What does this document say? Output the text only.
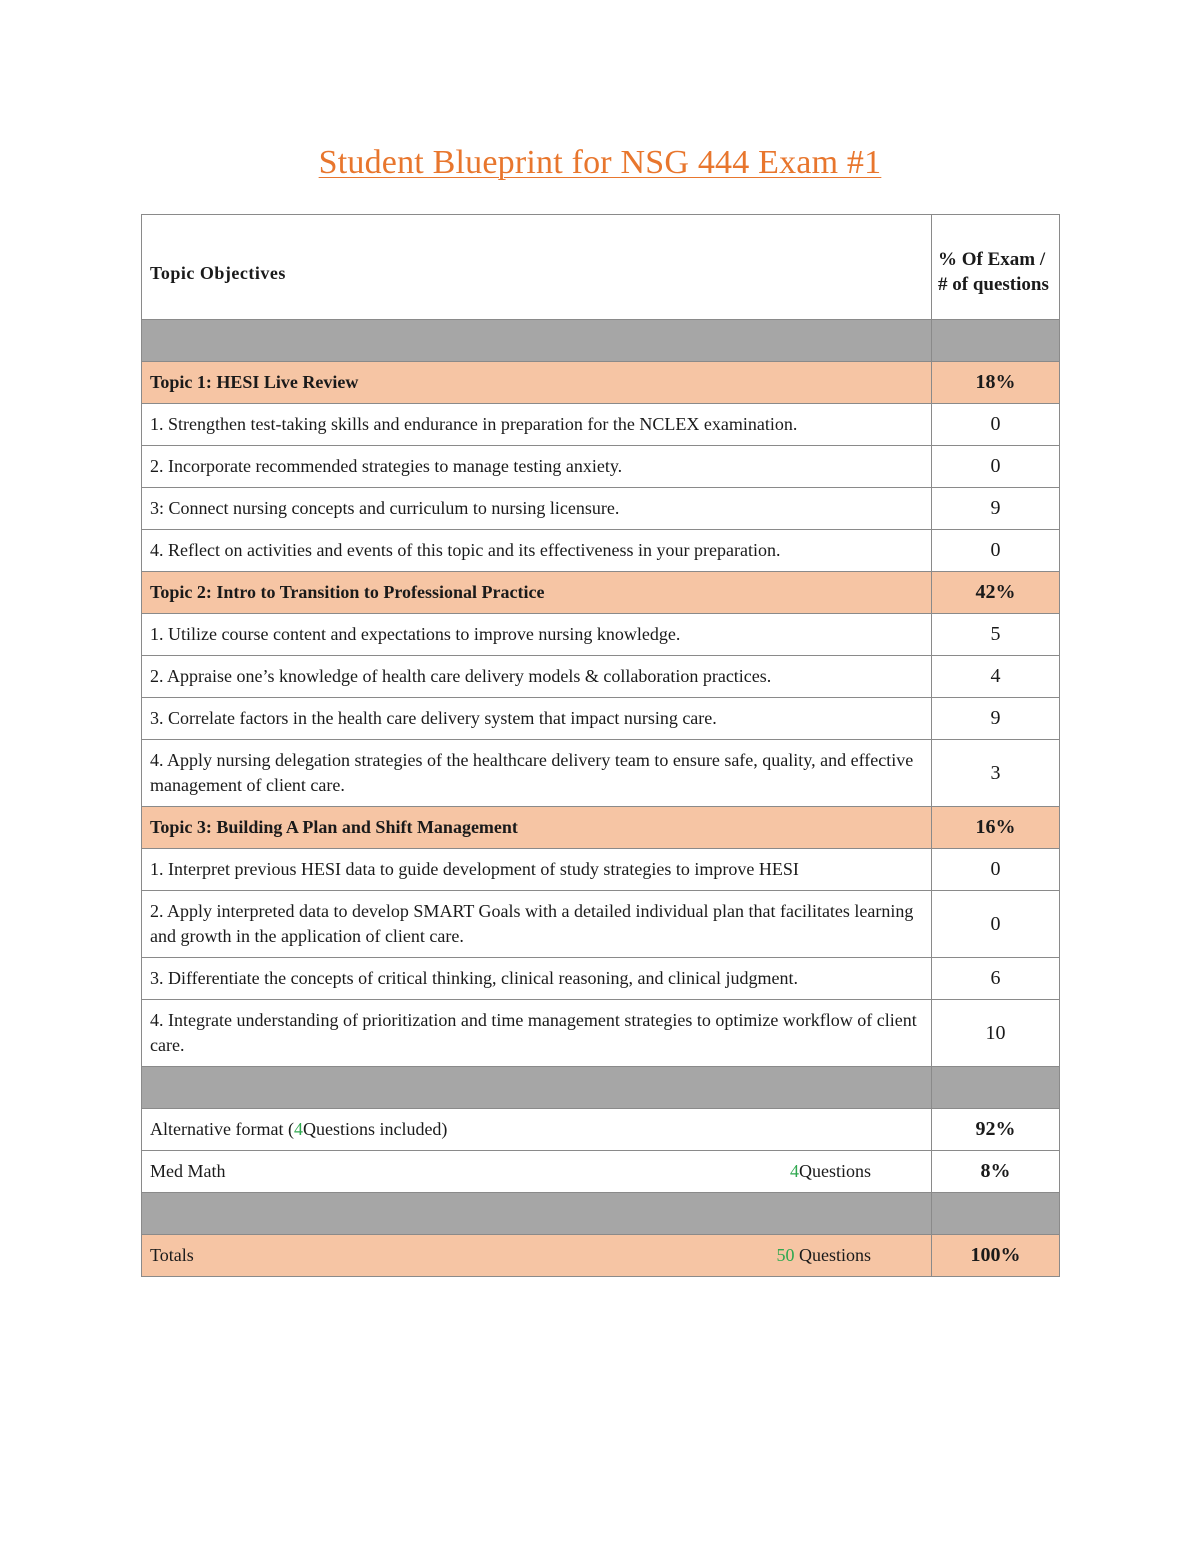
Student Blueprint for NSG 444 Exam #1
Topic Objectives	% Of Exam / # of questions

Topic 1: HESI Live Review	18%
1. Strengthen test-taking skills and endurance in preparation for the NCLEX examination.	0
2. Incorporate recommended strategies to manage testing anxiety.	0
3: Connect nursing concepts and curriculum to nursing licensure.	9
4. Reflect on activities and events of this topic and its effectiveness in your preparation.	0
Topic 2: Intro to Transition to Professional Practice	42%
1. Utilize course content and expectations to improve nursing knowledge.	5
2. Appraise one’s knowledge of health care delivery models & collaboration practices.	4
3. Correlate factors in the health care delivery system that impact nursing care.	9
4. Apply nursing delegation strategies of the healthcare delivery team to ensure safe, quality, and effective management of client care.	3
Topic 3: Building A Plan and Shift Management	16%
1. Interpret previous HESI data to guide development of study strategies to improve HESI	0
2. Apply interpreted data to develop SMART Goals with a detailed individual plan that facilitates learning and growth in the application of client care.	0
3. Differentiate the concepts of critical thinking, clinical reasoning, and clinical judgment.	6
4. Integrate understanding of prioritization and time management strategies to optimize workflow of client care.	10

Alternative format (4Questions included)	92%

Med Math 4Questions	8%

Totals 50 Questions	100%
